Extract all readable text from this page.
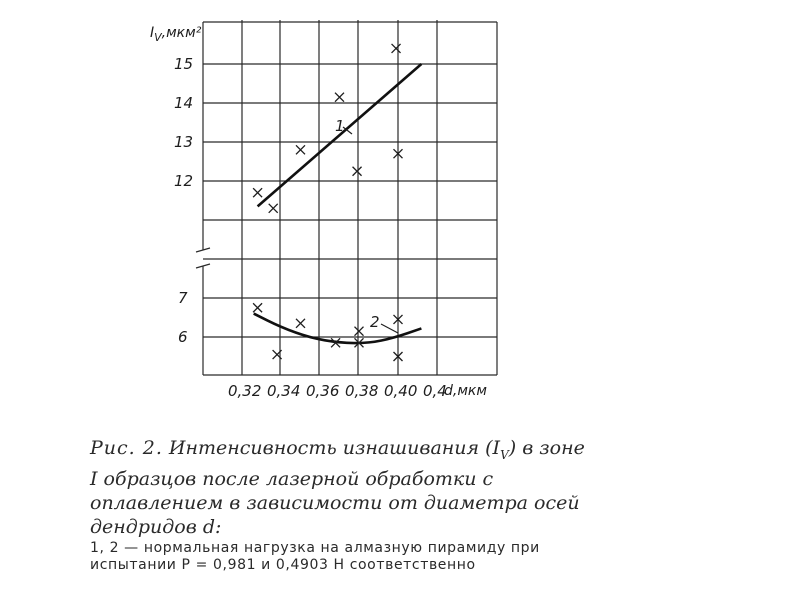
$I_V,мкм^2$
15
14
13
12
7
6
0,32 0,34 0,36 0,38 0,40 0,4
d,мкм
1
2
Рис. 2. Интенсивность изнашивания $(I_V)$ в зоне I образцов после лазерной обработки с оплавлением в зависимости от диаметра осей дендридов d:
1, 2 — нормальная нагрузка на алмазную пирамиду при испытании P = 0,981 и 0,4903 Н соответственно
